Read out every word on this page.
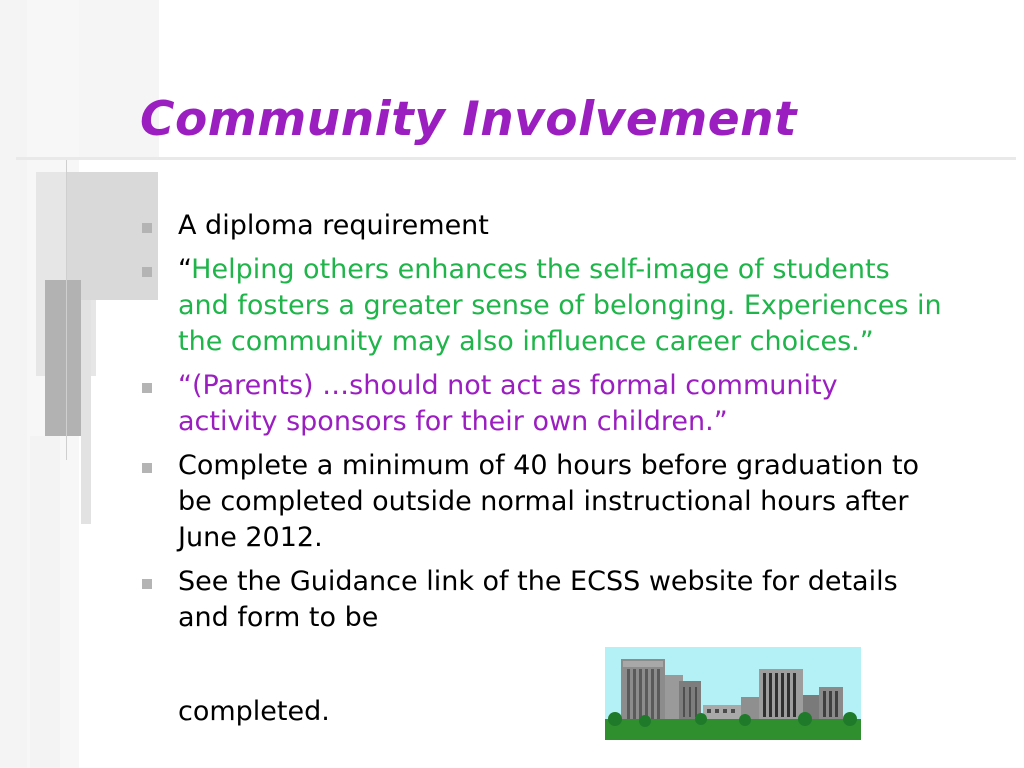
Community Involvement
A diploma requirement
“Helping others enhances the self-image of students and fosters a greater sense of belonging. Experiences in the community may also influence career choices.”
“(Parents) …should not act as formal community activity sponsors for their own children.”
Complete a minimum of 40 hours before graduation to be completed outside normal instructional hours after June 2012.
See the Guidance link of the ECSS website for details and form to be
completed.
